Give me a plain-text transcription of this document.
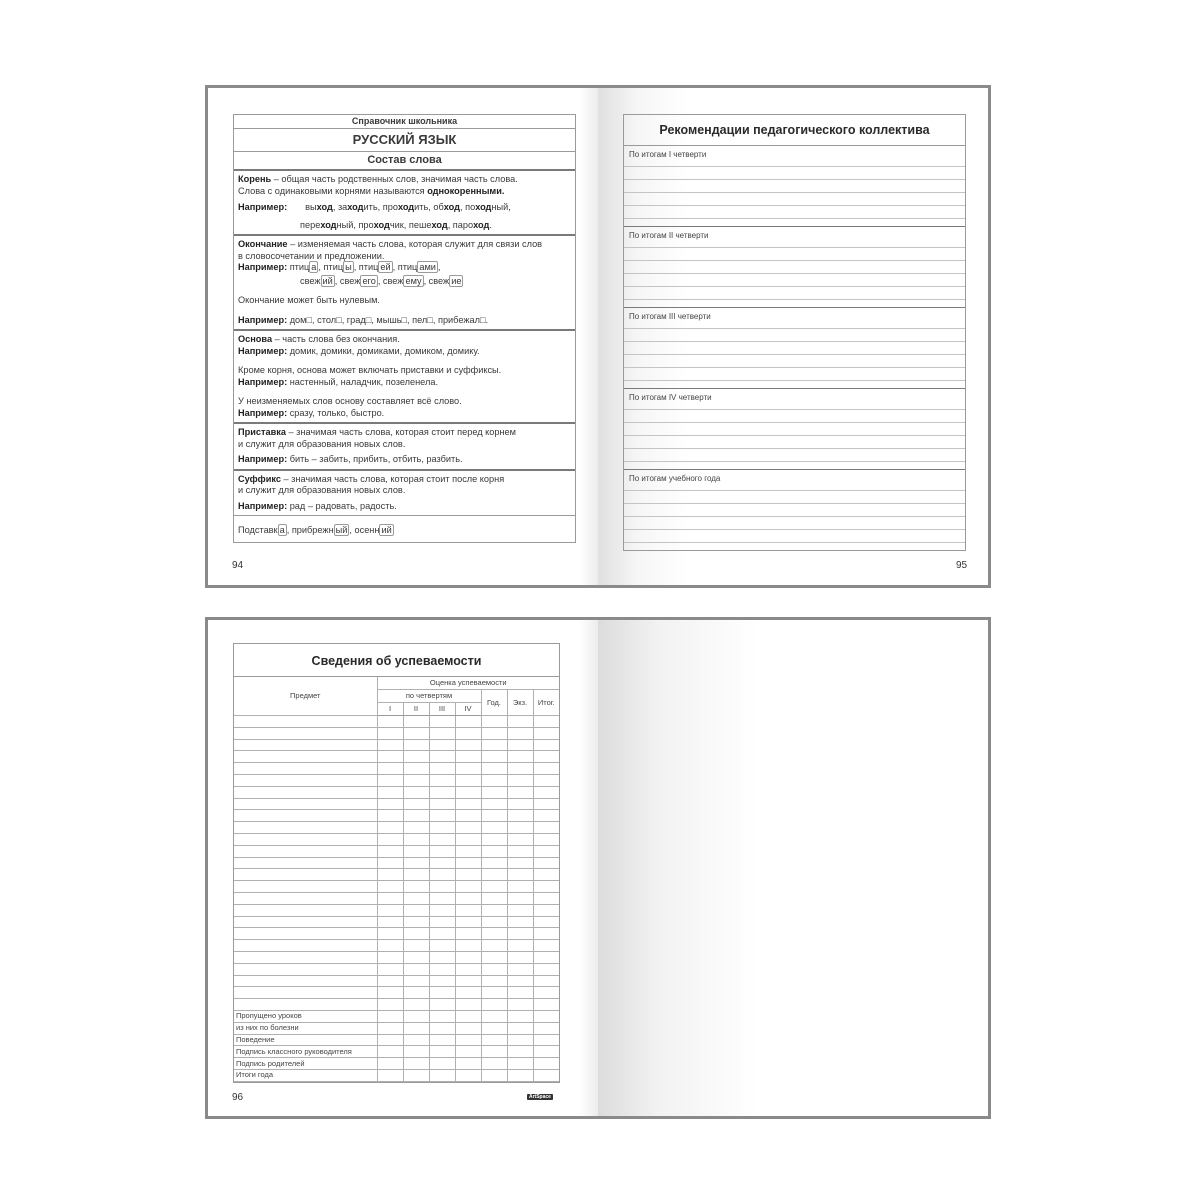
Справочник школьника
РУССКИЙ ЯЗЫК
Состав слова

Корень – общая часть родственных слов, значимая часть слова.

Слова с одинаковыми корнями называются однокоренными.

Например: выход, заходить, проходить, обход, походный,

переходный, проходчик, пешеход, пароход.

Окончание – изменяемая часть слова, которая служит для связи слов

в словосочетании и предложении.

Например: птиц а , птиц ы , птиц ей , птиц ами ,

свеж ий , свеж его , свеж ему , свеж ие

Окончание может быть нулевым.

Например: дом□, стол□, град□, мышь□, пел□, прибежал□.

Основа – часть слова без окончания.

Например: домик, домики, домиками, домиком, домику.

Кроме корня, основа может включать приставки и суффиксы.

Например: настенный, наладчик, позеленела.

У неизменяемых слов основу составляет всё слово.

Например: сразу, только, быстро.

Приставка – значимая часть слова, которая стоит перед корнем

и служит для образования новых слов.

Например: бить – забить, прибить, отбить, разбить.

Суффикс – значимая часть слова, которая стоит после корня

и служит для образования новых слов.

Например: рад – радовать, радость.

Подставк а , прибрежн ый , осенн ий

94
Рекомендации педагогического коллектива
По итогам I четверти
По итогам II четверти
По итогам III четверти
По итогам IV четверти
По итогам учебного года
95
Сведения об успеваемости
Предмет	Оценка успеваемости						
	по четвертям				Год.	Экз.	Итог.
	I	II	III	IV			

Пропущено уроков							
из них по болезни							
Поведение							
Подпись классного руководителя							
Подпись родителей							
Итоги года							
ArtSpace
96
